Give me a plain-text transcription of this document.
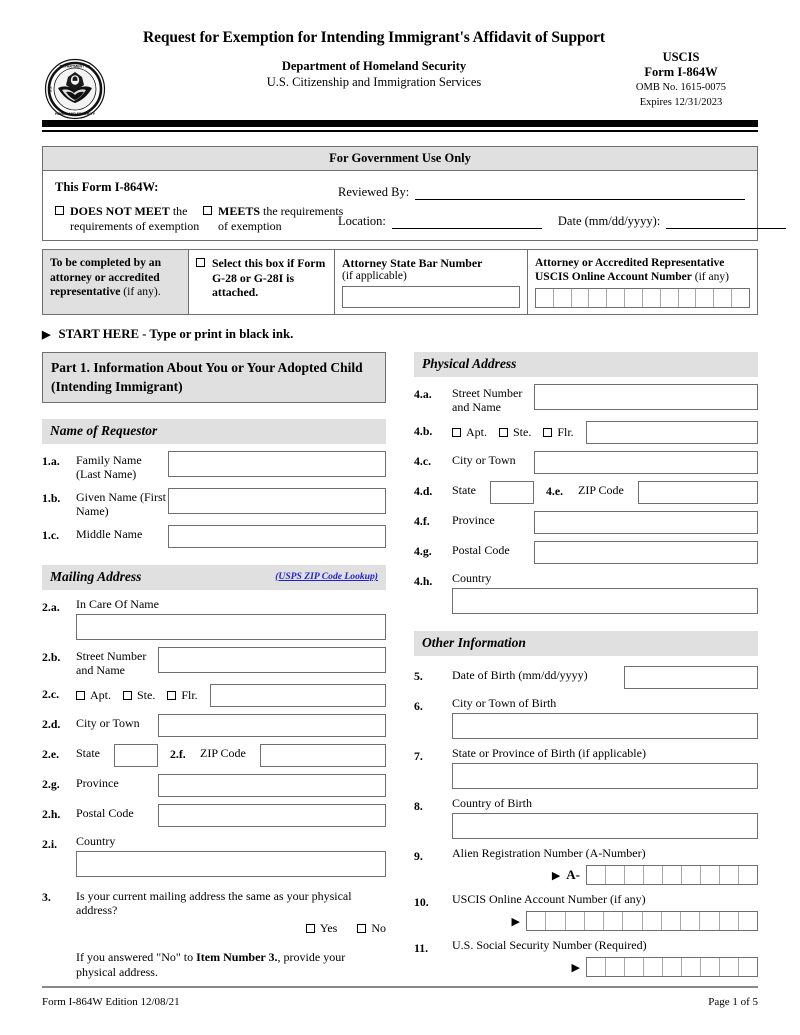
DEPARTMENT OF
HOMELAND SECURITY
U.S.
Request for Exemption for Intending Immigrant's Affidavit of Support
Department of Homeland Security
U.S. Citizenship and Immigration Services
USCIS
Form I-864W
OMB No. 1615-0075
Expires 12/31/2023
For Government Use Only
This Form I-864W:
DOES NOT MEET the requirements of exemption
MEETS the requirements of exemption
Reviewed By:
Location:	Date (mm/dd/yyyy):
To be completed by an attorney or accredited representative (if any).
Select this box if Form G-28 or G-28I is attached.
Attorney State Bar Number
(if applicable)
Attorney or Accredited Representative USCIS Online Account Number (if any)
▶ START HERE - Type or print in black ink.
Part 1. Information About You or Your Adopted Child (Intending Immigrant)
Name of Requestor
1.a.	Family Name (Last Name)
1.b.	Given Name (First Name)
1.c.	Middle Name
Mailing Address	(USPS ZIP Code Lookup)
2.a.	In Care Of Name
2.b.	Street Number and Name
2.c.	Apt. Ste. Flr.
2.d.	City or Town
2.e.	State	2.f.	ZIP Code
2.g.	Province
2.h.	Postal Code
2.i.	Country
3.	Is your current mailing address the same as your physical address?
Yes	No
If you answered "No" to Item Number 3., provide your physical address.
Physical Address
4.a.	Street Number and Name
4.b.	Apt. Ste. Flr.
4.c.	City or Town
4.d.	State	4.e.	ZIP Code
4.f.	Province
4.g.	Postal Code
4.h.	Country
Other Information
5.	Date of Birth (mm/dd/yyyy)
6.	City or Town of Birth
7.	State or Province of Birth (if applicable)
8.	Country of Birth
9.	Alien Registration Number (A-Number)
▶ A-
10.	USCIS Online Account Number (if any)
▶
11.	U.S. Social Security Number (Required)
▶
Form I-864W Edition 12/08/21	Page 1 of 5
